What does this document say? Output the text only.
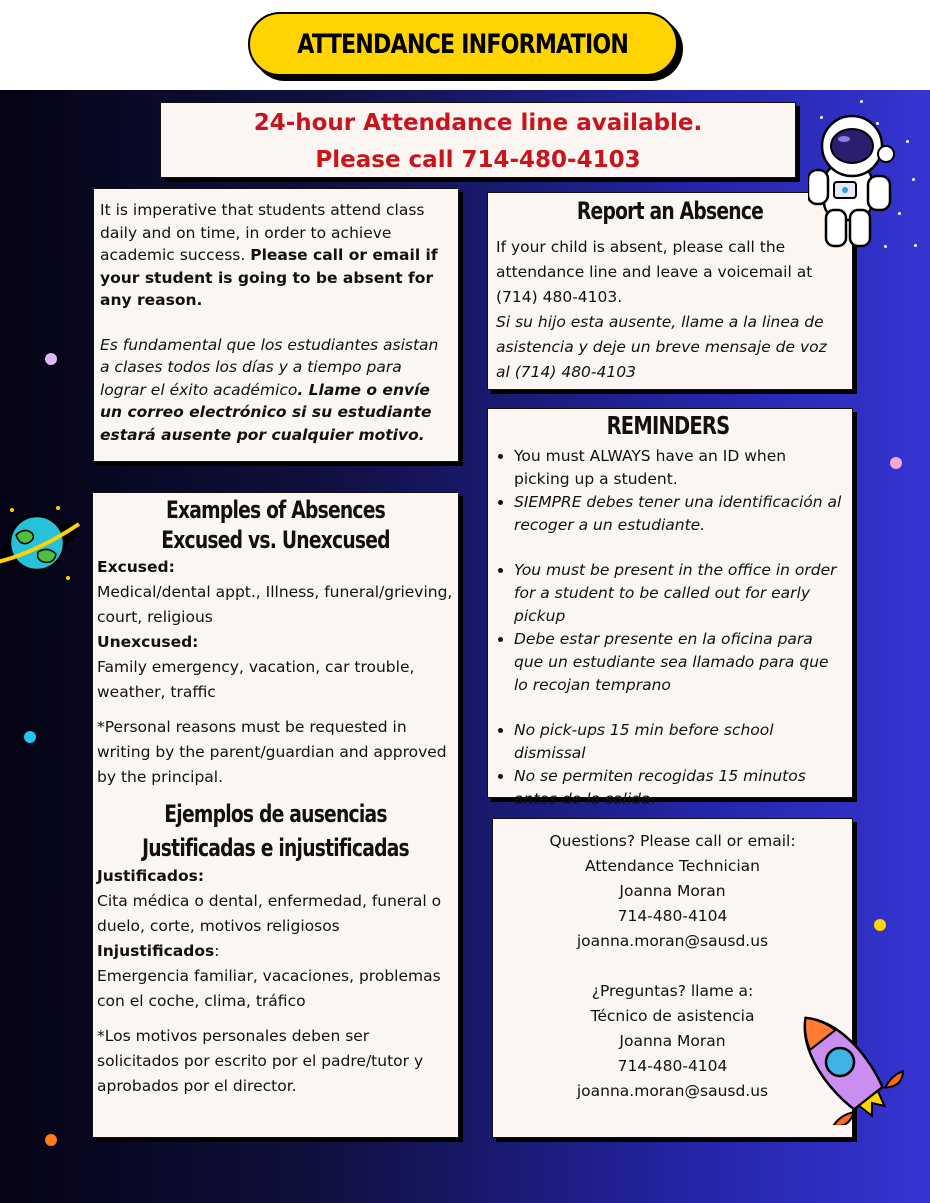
ATTENDANCE INFORMATION
24-hour Attendance line available.
Please call 714-480-4103

It is imperative that students attend class daily and on time, in order to achieve academic success. Please call or email if your student is going to be absent for any reason.

Es fundamental que los estudiantes asistan a clases todos los días y a tiempo para lograr el éxito académico. Llame o envíe un correo electrónico si su estudiante estará ausente por cualquier motivo.

Report an Absence

If your child is absent, please call the attendance line and leave a voicemail at (714) 480-4103.

Si su hijo esta ausente, llame a la linea de asistencia y deje un breve mensaje de voz al (714) 480-4103

REMINDERS
• You must ALWAYS have an ID when picking up a student.
• SIEMPRE debes tener una identificación al recoger a un estudiante.
• You must be present in the office in order for a student to be called out for early pickup
• Debe estar presente en la oficina para que un estudiante sea llamado para que lo recojan temprano
• No pick-ups 15 min before school dismissal
• No se permiten recogidas 15 minutos antes de la salida.
Examples of Absences
Excused vs. Unexcused

Excused:

Medical/dental appt., Illness, funeral/grieving, court, religious

Unexcused:

Family emergency, vacation, car trouble, weather, traffic

*Personal reasons must be requested in writing by the parent/guardian and approved by the principal.

Ejemplos de ausencias
Justificadas e injustificadas

Justificados:

Cita médica o dental, enfermedad, funeral o duelo, corte, motivos religiosos

Injustificados:

Emergencia familiar, vacaciones, problemas con el coche, clima, tráfico

*Los motivos personales deben ser solicitados por escrito por el padre/tutor y aprobados por el director.

Questions? Please call or email:
Attendance Technician
Joanna Moran
714-480-4104
joanna.moran@sausd.us
¿Preguntas? llame a:
Técnico de asistencia
Joanna Moran
714-480-4104
joanna.moran@sausd.us
